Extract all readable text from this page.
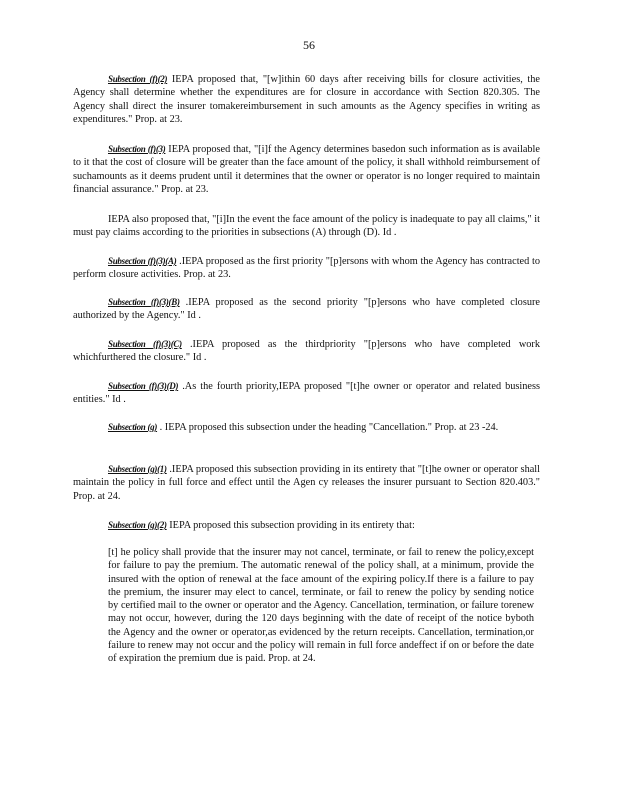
56

Subsection (f)(2) IEPA proposed that, "[w]ithin 60 days after receiving bills for closure activities, the Agency shall determine whether the expenditures are for closure in accordance with Section 820.305. The Agency shall direct the insurer tomakereimbursement in such amounts as the Agency specifies in writing as expenditures." Prop. at 23.

Subsection (f)(3) IEPA proposed that, "[i]f the Agency determines basedon such information as is available to it that the cost of closure will be greater than the face amount of the policy, it shall withhold reimbursement of suchamounts as it deems prudent until it determines that the owner or operator is no longer required to maintain financial assurance." Prop. at 23.

IEPA also proposed that, "[i]In the event the face amount of the policy is inadequate to pay all claims," it must pay claims according to the priorities in subsections (A) through (D). Id .

Subsection (f)(3)(A) .IEPA proposed as the first priority "[p]ersons with whom the Agency has contracted to perform closure activities. Prop. at 23.

Subsection (f)(3)(B) .IEPA proposed as the second priority "[p]ersons who have completed closure authorized by the Agency." Id .

Subsection (f)(3)(C) .IEPA proposed as the thirdpriority "[p]ersons who have completed work whichfurthered the closure." Id .

Subsection (f)(3)(D) .As the fourth priority,IEPA proposed "[t]he owner or operator and related business entities." Id .

Subsection (g) . IEPA proposed this subsection under the heading "Cancellation." Prop. at 23 -24.

Subsection (g)(1) .IEPA proposed this subsection providing in its entirety that "[t]he owner or operator shall maintain the policy in full force and effect until the Agen cy releases the insurer pursuant to Section 820.403." Prop. at 24.

Subsection (g)(2) IEPA proposed this subsection providing in its entirety that:

[t] he policy shall provide that the insurer may not cancel, terminate, or fail to renew the policy,except for failure to pay the premium. The automatic renewal of the policy shall, at a minimum, provide the insured with the option of renewal at the face amount of the expiring policy.If there is a failure to pay the premium, the insurer may elect to cancel, terminate, or fail to renew the policy by sending notice by certified mail to the owner or operator and the Agency. Cancellation, termination, or failure torenew may not occur, however, during the 120 days beginning with the date of receipt of the notice byboth the Agency and the owner or operator,as evidenced by the return receipts. Cancellation, termination,or failure to renew may not occur and the policy will remain in full force andeffect if on or before the date of expiration the premium due is paid. Prop. at 24.
